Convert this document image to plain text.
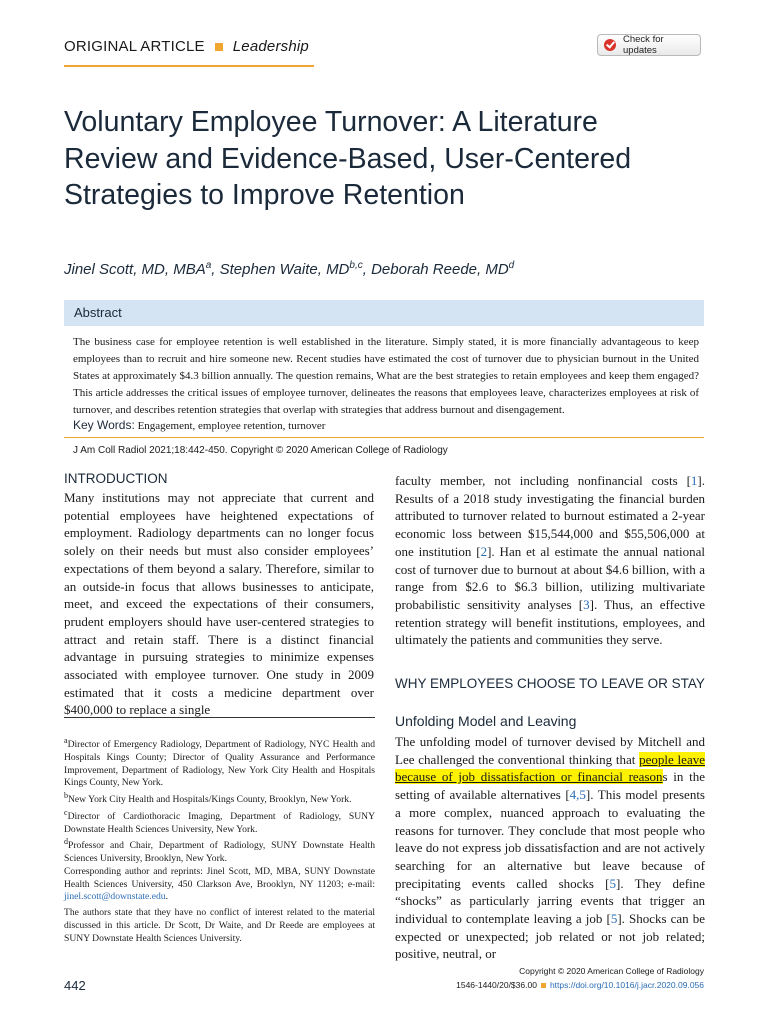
ORIGINAL ARTICLE Leadership	Check for updates
Voluntary Employee Turnover: A Literature Review and Evidence-Based, User-Centered Strategies to Improve Retention
Jinel Scott, MD, MBA$^a$, Stephen Waite, MD$^{b,c}$, Deborah Reede, $MD^d$
Abstract
The business case for employee retention is well established in the literature. Simply stated, it is more financially advantageous to keep employees than to recruit and hire someone new. Recent studies have estimated the cost of turnover due to physician burnout in the United States at approximately $4.3 billion annually. The question remains, What are the best strategies to retain employees and keep them engaged? This article addresses the critical issues of employee turnover, delineates the reasons that employees leave, characterizes employees at risk of turnover, and describes retention strategies that overlap with strategies that address burnout and disengagement.
Key Words: Engagement, employee retention, turnover
J Am Coll Radiol 2021;18:442-450. Copyright © 2020 American College of Radiology
INTRODUCTION
Many institutions may not appreciate that current and potential employees have heightened expectations of employment. Radiology departments can no longer focus solely on their needs but must also consider employees’ expectations of them beyond a salary. Therefore, similar to an outside-in focus that allows businesses to anticipate, meet, and exceed the expectations of their consumers, prudent employers should have user-centered strategies to attract and retain staff. There is a distinct financial advantage in pursuing strategies to minimize expenses associated with employee turnover. One study in 2009 estimated that it costs a medicine department over $400,000 to replace a single

faculty member, not including nonfinancial costs [1]. Results of a 2018 study investigating the financial burden attributed to turnover related to burnout estimated a 2-year economic loss between $15,544,000 and $55,506,000 at one institution [2]. Han et al estimate the annual national cost of turnover due to burnout at about $4.6 billion, with a range from $2.6 to $6.3 billion, utilizing multivariate probabilistic sensitivity analyses [3]. Thus, an effective retention strategy will benefit institutions, employees, and ultimately the patients and communities they serve.

WHY EMPLOYEES CHOOSE TO LEAVE OR STAY
Unfolding Model and Leaving

The unfolding model of turnover devised by Mitchell and Lee challenged the conventional thinking that people leave because of job dissatisfaction or financial reasons in the setting of available alternatives [4,5]. This model presents a more complex, nuanced approach to evaluating the reasons for turnover. They conclude that most people who leave do not express job dissatisfaction and are not actively searching for an alternative but leave because of precipitating events called shocks [5]. They define “shocks” as particularly jarring events that trigger an individual to contemplate leaving a job [5]. Shocks can be expected or unexpected; job related or not job related; positive, neutral, or

$^a$Director of Emergency Radiology, Department of Radiology, NYC Health and Hospitals Kings County; Director of Quality Assurance and Performance Improvement, Department of Radiology, New York City Health and Hospitals Kings County, New York.

$^b$New York City Health and Hospitals/Kings County, Brooklyn, New York.

$^c$Director of Cardiothoracic Imaging, Department of Radiology, SUNY Downstate Health Sciences University, New York.

$^d$Professor and Chair, Department of Radiology, SUNY Downstate Health Sciences University, Brooklyn, New York.

Corresponding author and reprints: Jinel Scott, MD, MBA, SUNY Downstate Health Sciences University, 450 Clarkson Ave, Brooklyn, NY 11203; e-mail: jinel.scott@downstate.edu.

The authors state that they have no conflict of interest related to the material discussed in this article. Dr Scott, Dr Waite, and Dr Reede are employees at SUNY Downstate Health Sciences University.

442
Copyright © 2020 American College of Radiology
1546-1440/20/$36.00 https://doi.org/10.1016/j.jacr.2020.09.056
